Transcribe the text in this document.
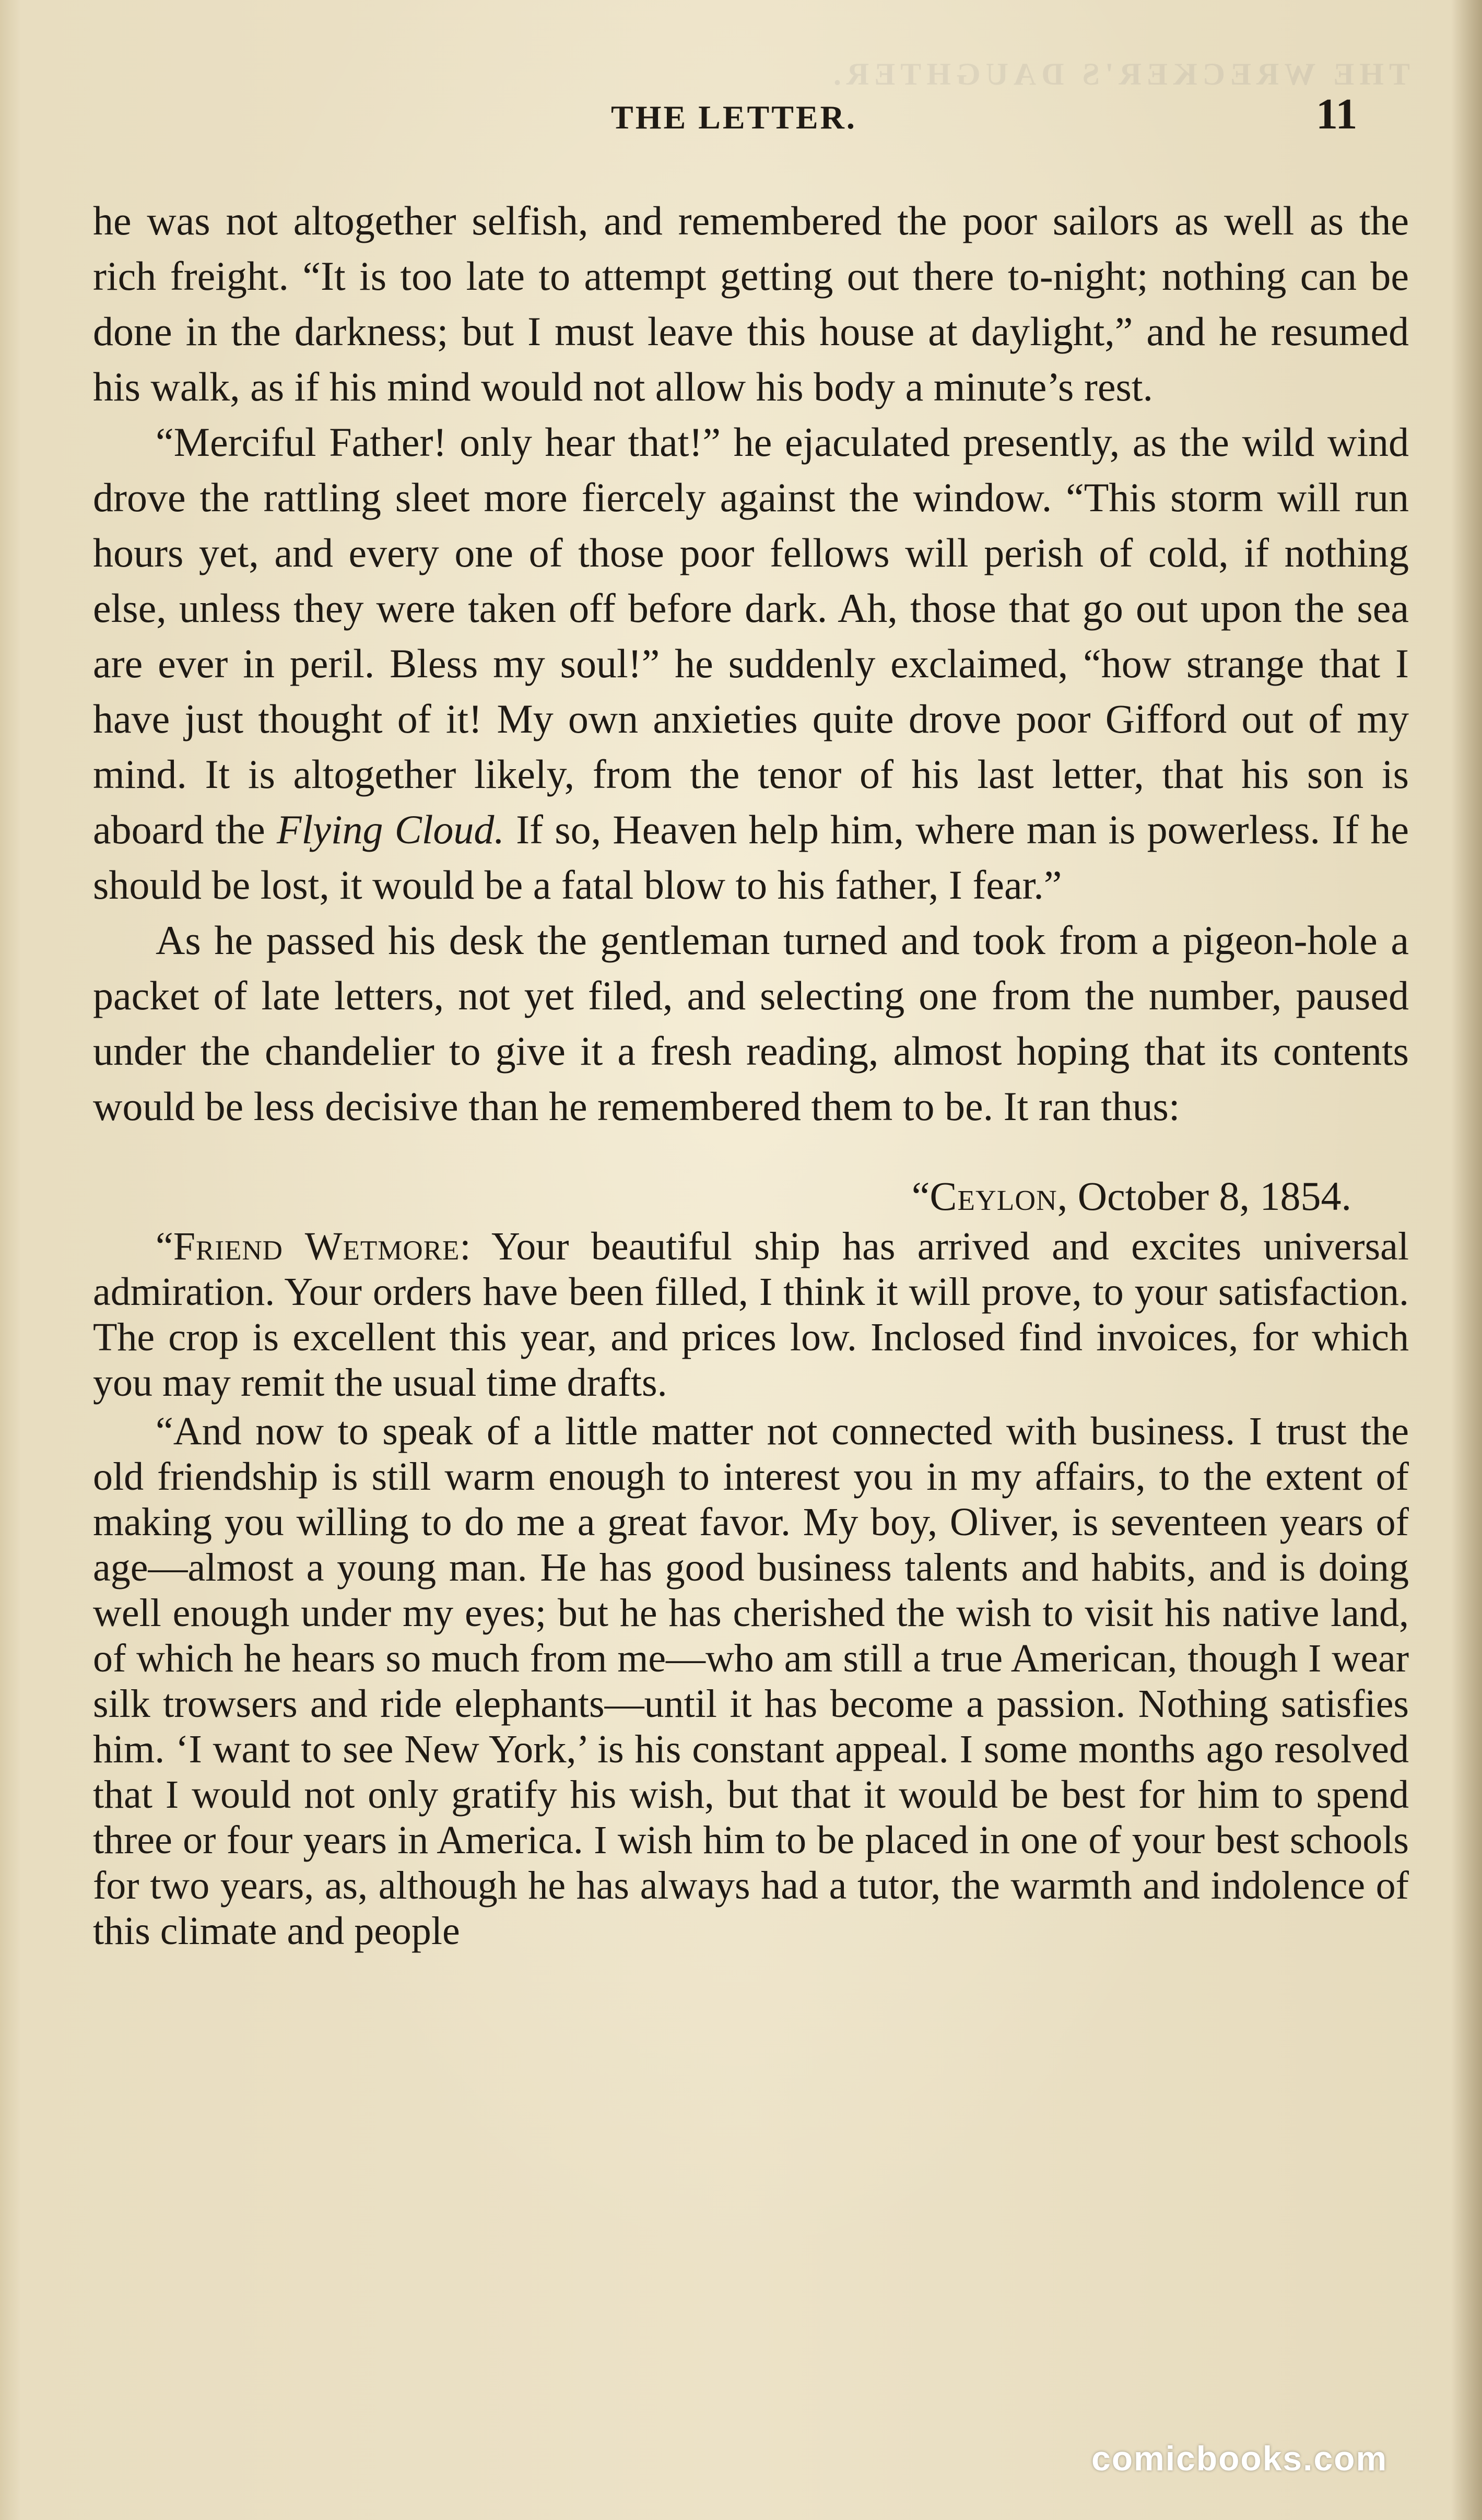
THE WRECKER'S DAUGHTER.
THE LETTER.	11

he was not altogether selfish, and remembered the poor sailors as well as the rich freight. “It is too late to attempt getting out there to-night; nothing can be done in the darkness; but I must leave this house at daylight,” and he resumed his walk, as if his mind would not allow his body a minute’s rest.

“Merciful Father! only hear that!” he ejaculated presently, as the wild wind drove the rattling sleet more fiercely against the window. “This storm will run hours yet, and every one of those poor fellows will perish of cold, if nothing else, unless they were taken off before dark. Ah, those that go out upon the sea are ever in peril. Bless my soul!” he suddenly exclaimed, “how strange that I have just thought of it! My own anxieties quite drove poor Gifford out of my mind. It is altogether likely, from the tenor of his last letter, that his son is aboard the Flying Cloud. If so, Heaven help him, where man is powerless. If he should be lost, it would be a fatal blow to his father, I fear.”

As he passed his desk the gentleman turned and took from a pigeon-hole a packet of late letters, not yet filed, and selecting one from the number, paused under the chandelier to give it a fresh reading, almost hoping that its contents would be less decisive than he remembered them to be. It ran thus:

“Ceylon, October 8, 1854.

“Friend Wetmore: Your beautiful ship has arrived and excites universal admiration. Your orders have been filled, I think it will prove, to your satisfaction. The crop is excellent this year, and prices low. Inclosed find invoices, for which you may remit the usual time drafts.

“And now to speak of a little matter not connected with business. I trust the old friendship is still warm enough to interest you in my affairs, to the extent of making you willing to do me a great favor. My boy, Oliver, is seventeen years of age—almost a young man. He has good business talents and habits, and is doing well enough under my eyes; but he has cherished the wish to visit his native land, of which he hears so much from me—who am still a true American, though I wear silk trowsers and ride elephants—until it has become a passion. Nothing satisfies him. ‘I want to see New York,’ is his constant appeal. I some months ago resolved that I would not only gratify his wish, but that it would be best for him to spend three or four years in America. I wish him to be placed in one of your best schools for two years, as, although he has always had a tutor, the warmth and indolence of this climate and people

comicbooks.com
